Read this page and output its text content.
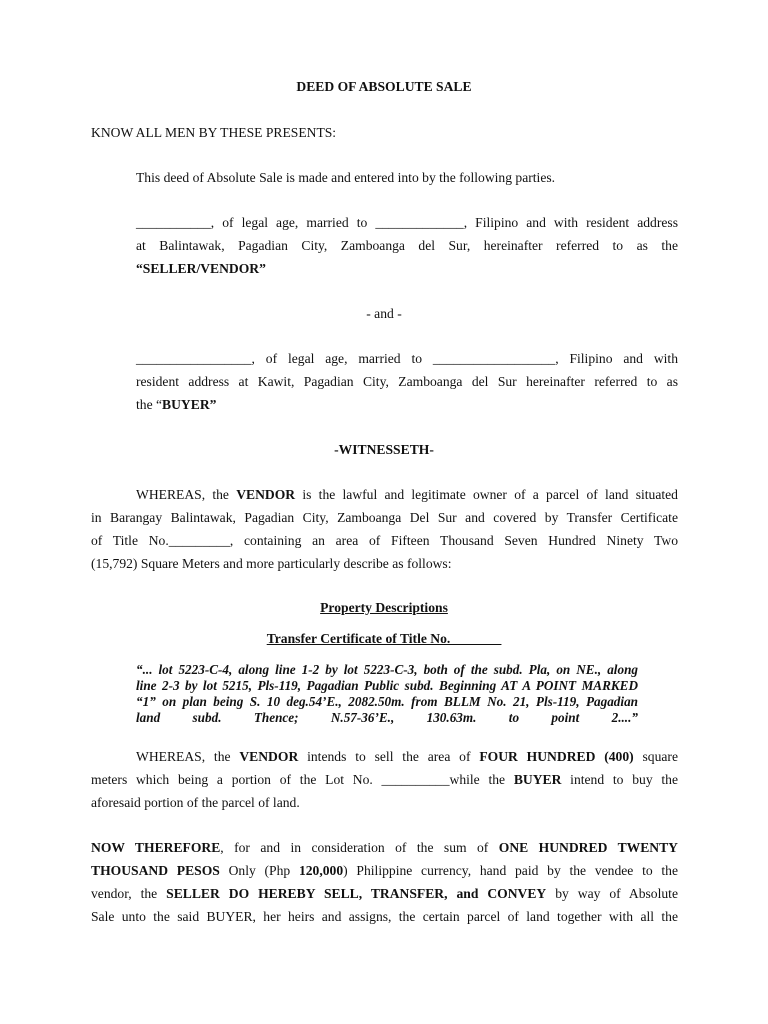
DEED OF ABSOLUTE SALE
KNOW ALL MEN BY THESE PRESENTS:
This deed of Absolute Sale is made and entered into by the following parties.
___________, of legal age, married to _____________, Filipino and with resident address
at Balintawak, Pagadian City, Zamboanga del Sur, hereinafter referred to as the
“SELLER/VENDOR”
- and -
_________________, of legal age, married to __________________, Filipino and with
resident address at Kawit, Pagadian City, Zamboanga del Sur hereinafter referred to as
the “BUYER”
-WITNESSETH-
WHEREAS, the VENDOR is the lawful and legitimate owner of a parcel of land situated
in Barangay Balintawak, Pagadian City, Zamboanga Del Sur and covered by Transfer Certificate
of Title No._________, containing an area of Fifteen Thousand Seven Hundred Ninety Two
(15,792) Square Meters and more particularly describe as follows:
Property Descriptions
Transfer Certificate of Title No. _______
“... lot 5223-C-4, along line 1-2 by lot 5223-C-3, both of the subd. Pla, on NE., along
line 2-3 by lot 5215, Pls-119, Pagadian Public subd. Beginning AT A POINT MARKED
“1” on plan being S. 10 deg.54’E., 2082.50m. from BLLM No. 21, Pls-119, Pagadian
land subd. Thence; N.57-36’E., 130.63m. to point 2....”
WHEREAS, the VENDOR intends to sell the area of FOUR HUNDRED (400) square
meters which being a portion of the Lot No. __________while the BUYER intend to buy the
aforesaid portion of the parcel of land.
NOW THEREFORE, for and in consideration of the sum of ONE HUNDRED TWENTY
THOUSAND PESOS Only (Php 120,000) Philippine currency, hand paid by the vendee to the
vendor, the SELLER DO HEREBY SELL, TRANSFER, and CONVEY by way of Absolute
Sale unto the said BUYER, her heirs and assigns, the certain parcel of land together with all the
